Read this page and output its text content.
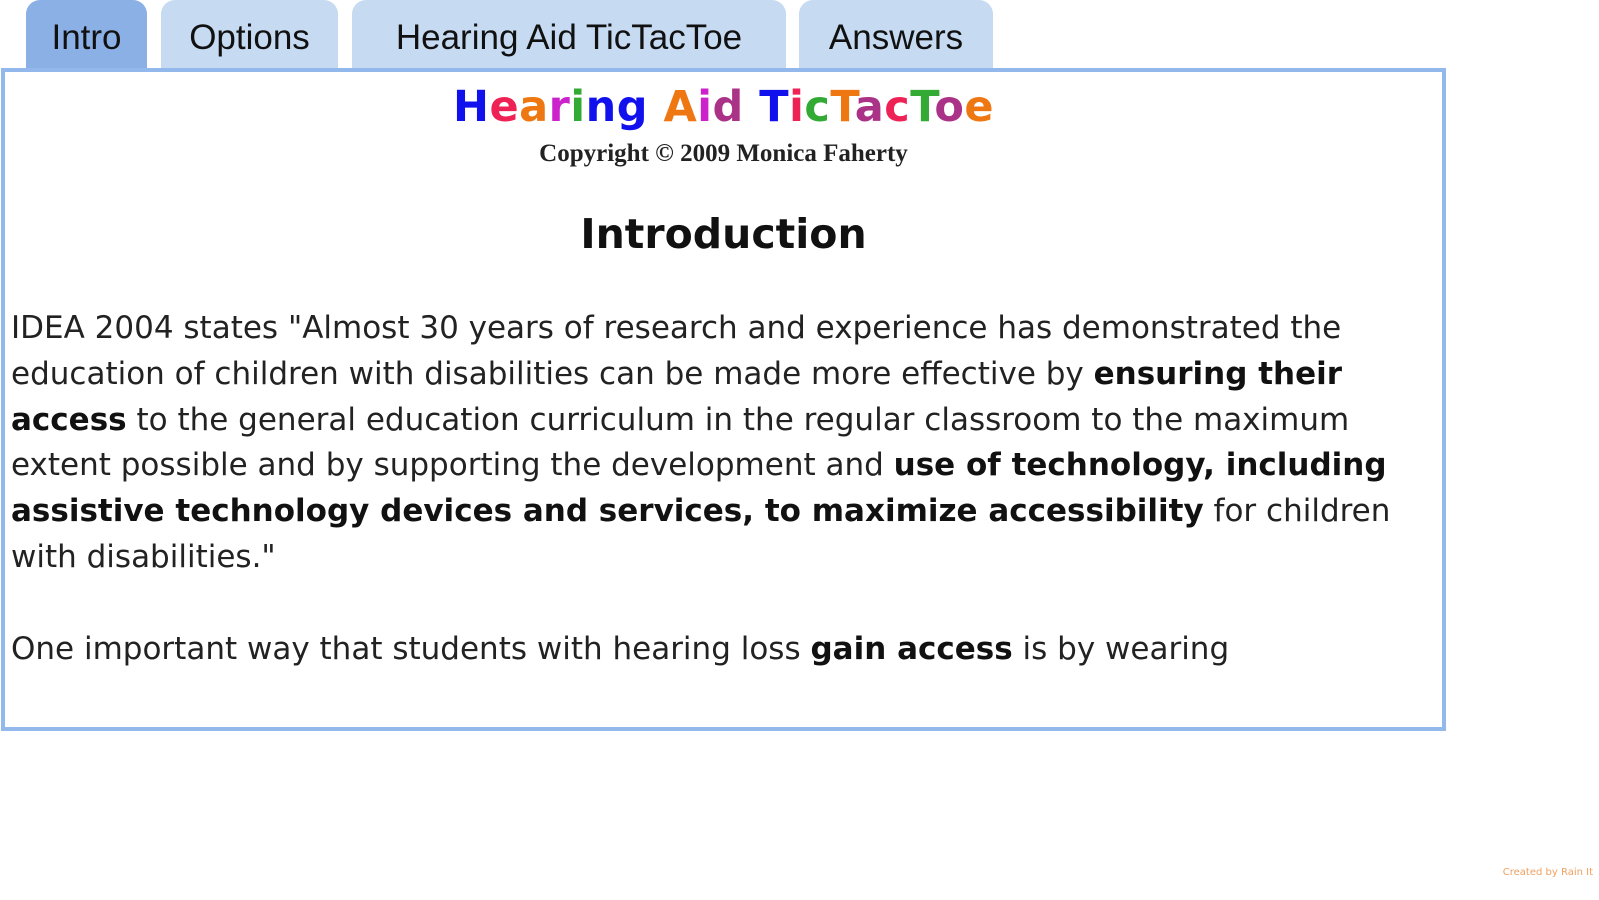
Intro	Options	Hearing Aid TicTacToe	Answers
Hearing Aid TicTacToe
Copyright © 2009 Monica Faherty
Introduction

IDEA 2004 states "Almost 30 years of research and experience has demonstrated the education of children with disabilities can be made more effective by ensuring their access to the general education curriculum in the regular classroom to the maximum extent possible and by supporting the development and use of technology, including assistive technology devices and services, to maximize accessibility for children with disabilities."

One important way that students with hearing loss gain access is by wearing

Created by Rain It
